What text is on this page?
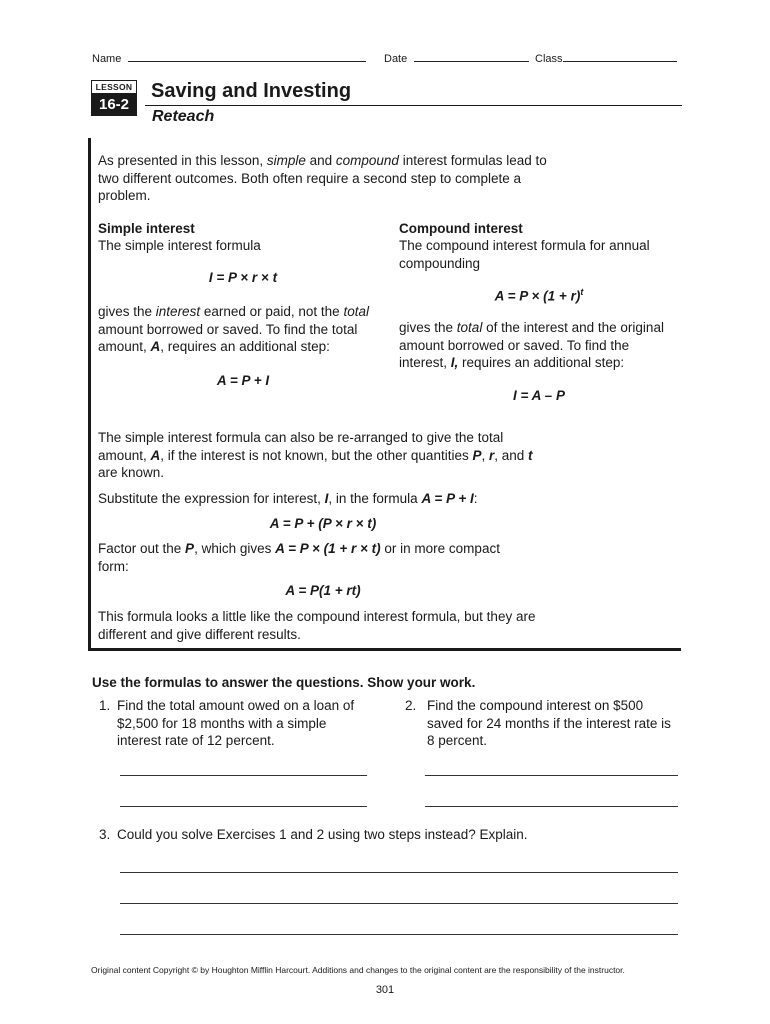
Name	Date	Class
LESSON
16-2
Saving and Investing
Reteach
As presented in this lesson, simple and compound interest formulas lead to two different outcomes. Both often require a second step to complete a problem.
Simple interest
The simple interest formula
I = P × r × t
gives the interest earned or paid, not the total amount borrowed or saved. To find the total amount, A, requires an additional step:
A = P + I
Compound interest
The compound interest formula for annual compounding
$A = P \times (1 + r)^t$
gives the total of the interest and the original amount borrowed or saved. To find the interest, I, requires an additional step:
I = A – P
The simple interest formula can also be re-arranged to give the total amount, A, if the interest is not known, but the other quantities P, r, and t are known.
Substitute the expression for interest, I, in the formula A = P + I:
A = P + (P × r × t)
Factor out the P, which gives A = P × (1 + r × t) or in more compact form:
A = P(1 + rt)
This formula looks a little like the compound interest formula, but they are different and give different results.
Use the formulas to answer the questions. Show your work.
1. Find the total amount owed on a loan of $2,500 for 18 months with a simple interest rate of 12 percent.
2. Find the compound interest on $500 saved for 24 months if the interest rate is 8 percent.
3. Could you solve Exercises 1 and 2 using two steps instead? Explain.
Original content Copyright © by Houghton Mifflin Harcourt. Additions and changes to the original content are the responsibility of the instructor.
301
